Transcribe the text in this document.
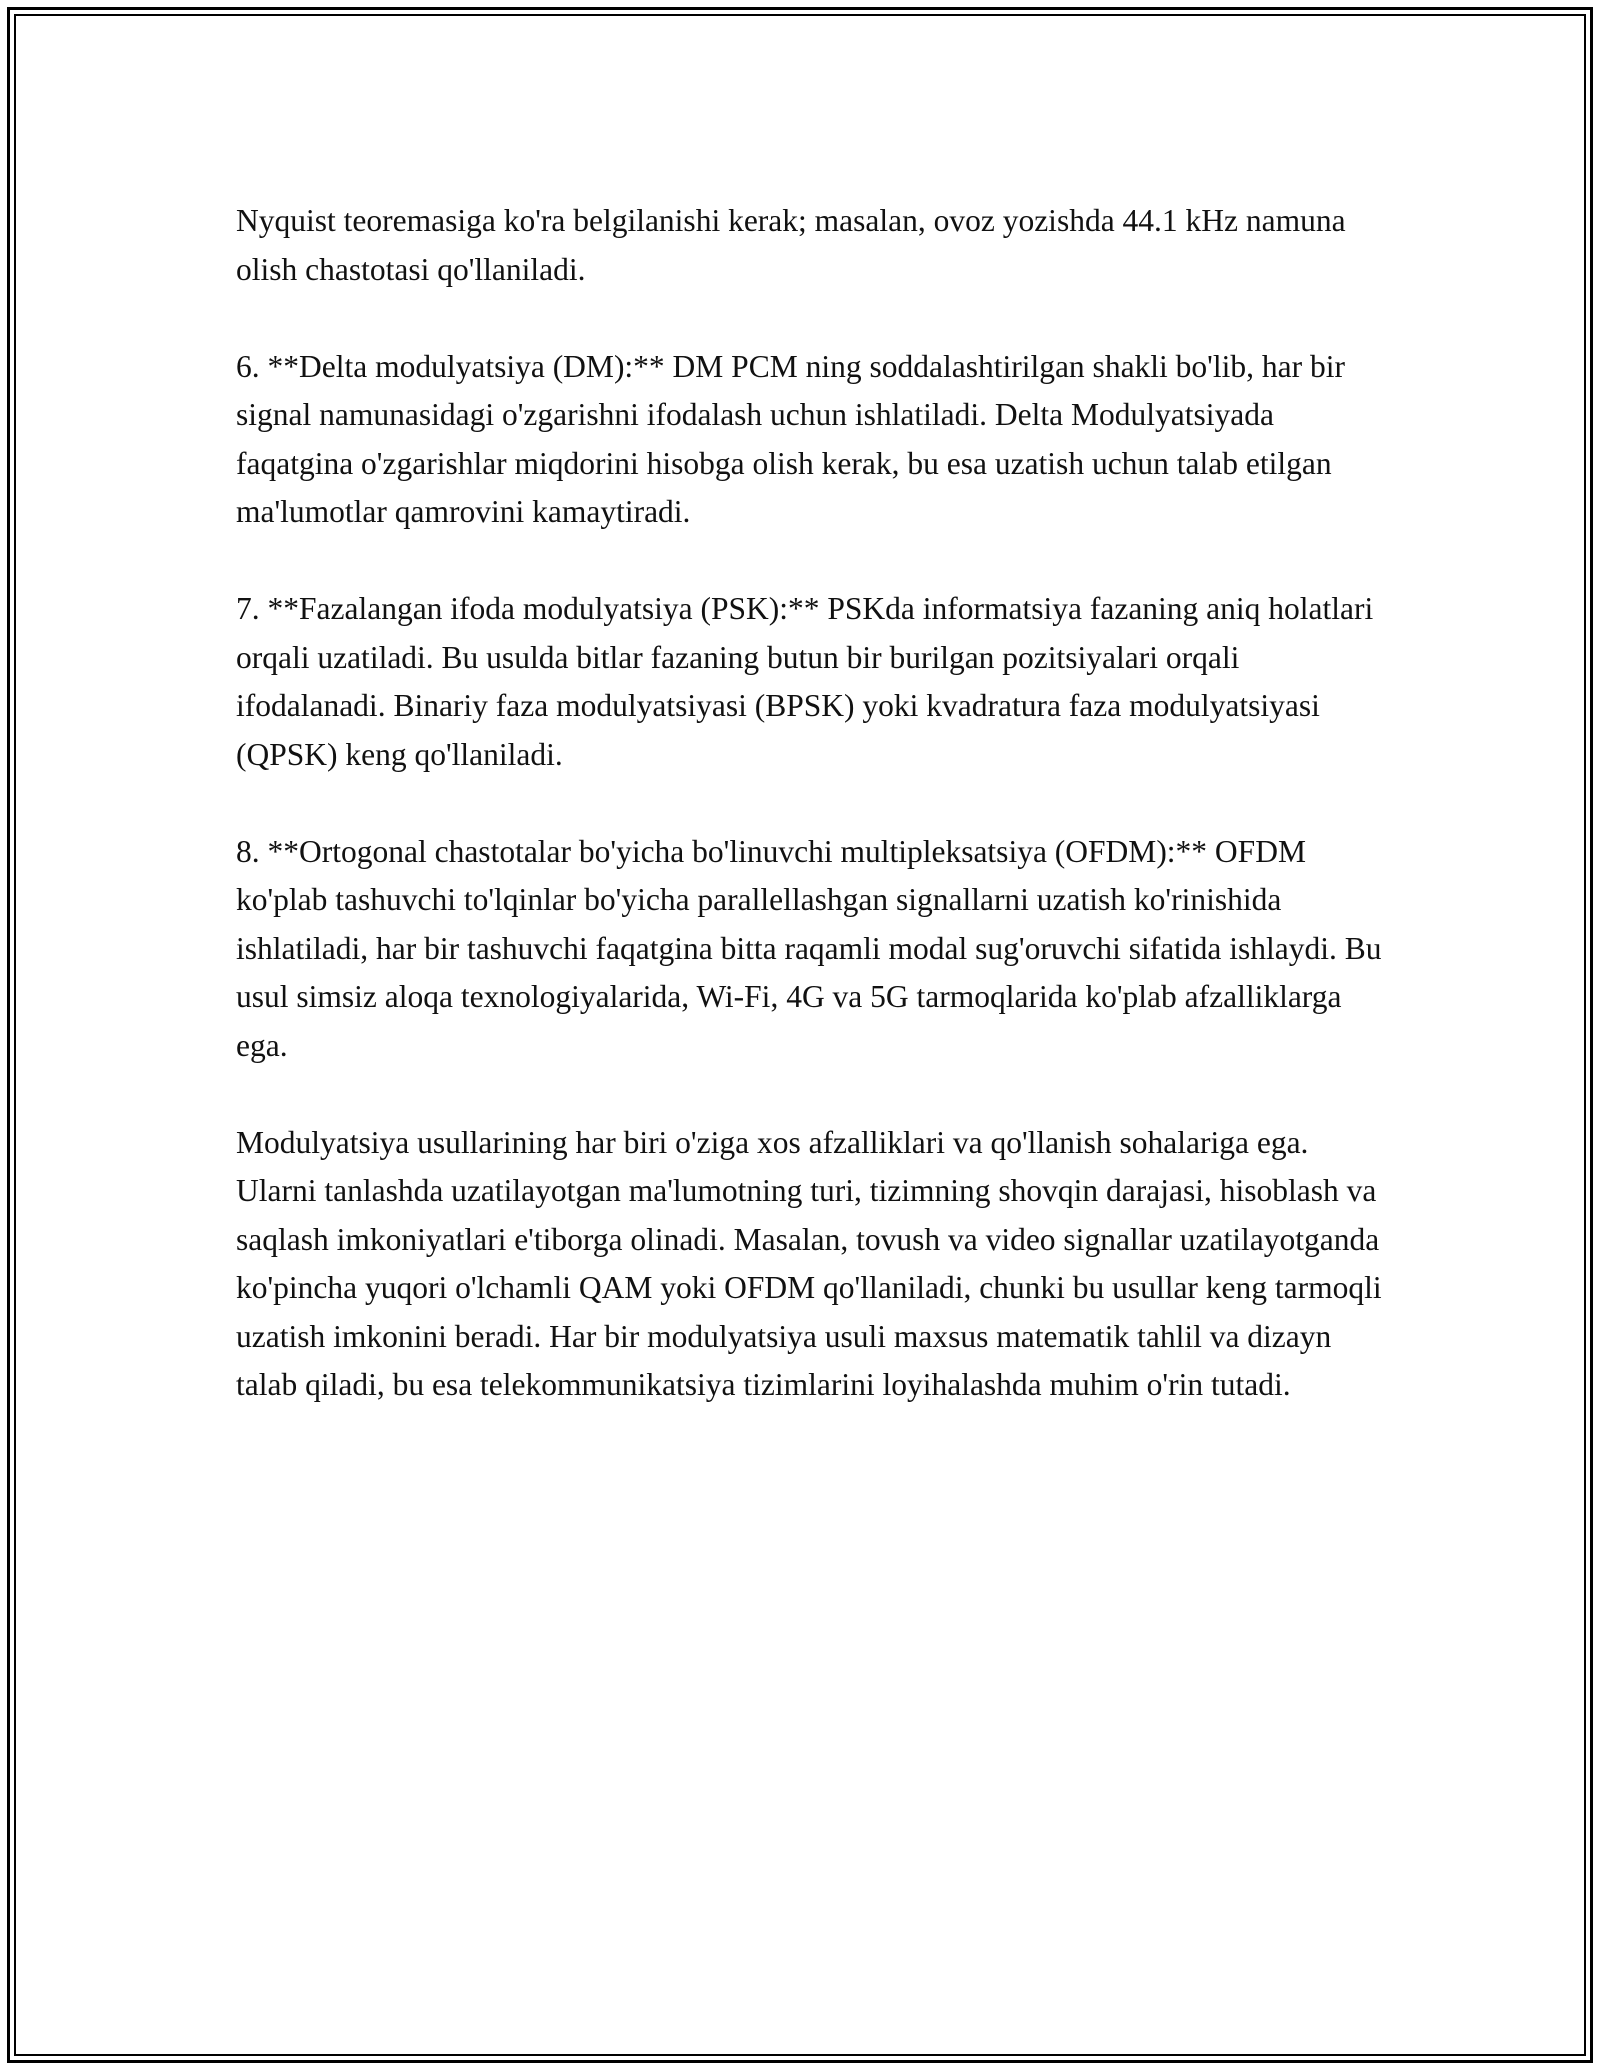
Nyquist teoremasiga ko'ra belgilanishi kerak; masalan, ovoz yozishda 44.1 kHz namuna olish chastotasi qo'llaniladi.

6. **Delta modulyatsiya (DM):** DM PCM ning soddalashtirilgan shakli bo'lib, har bir signal namunasidagi o'zgarishni ifodalash uchun ishlatiladi. Delta Modulyatsiyada faqatgina o'zgarishlar miqdorini hisobga olish kerak, bu esa uzatish uchun talab etilgan ma'lumotlar qamrovini kamaytiradi.

7. **Fazalangan ifoda modulyatsiya (PSK):** PSKda informatsiya fazaning aniq holatlari orqali uzatiladi. Bu usulda bitlar fazaning butun bir burilgan pozitsiyalari orqali ifodalanadi. Binariy faza modulyatsiyasi (BPSK) yoki kvadratura faza modulyatsiyasi (QPSK) keng qo'llaniladi.

8. **Ortogonal chastotalar bo'yicha bo'linuvchi multipleksatsiya (OFDM):** OFDM ko'plab tashuvchi to'lqinlar bo'yicha parallellashgan signallarni uzatish ko'rinishida ishlatiladi, har bir tashuvchi faqatgina bitta raqamli modal sug'oruvchi sifatida ishlaydi. Bu usul simsiz aloqa texnologiyalarida, Wi-Fi, 4G va 5G tarmoqlarida ko'plab afzalliklarga ega.

Modulyatsiya usullarining har biri o'ziga xos afzalliklari va qo'llanish sohalariga ega. Ularni tanlashda uzatilayotgan ma'lumotning turi, tizimning shovqin darajasi, hisoblash va saqlash imkoniyatlari e'tiborga olinadi. Masalan, tovush va video signallar uzatilayotganda ko'pincha yuqori o'lchamli QAM yoki OFDM qo'llaniladi, chunki bu usullar keng tarmoqli uzatish imkonini beradi. Har bir modulyatsiya usuli maxsus matematik tahlil va dizayn talab qiladi, bu esa telekommunikatsiya tizimlarini loyihalashda muhim o'rin tutadi.
